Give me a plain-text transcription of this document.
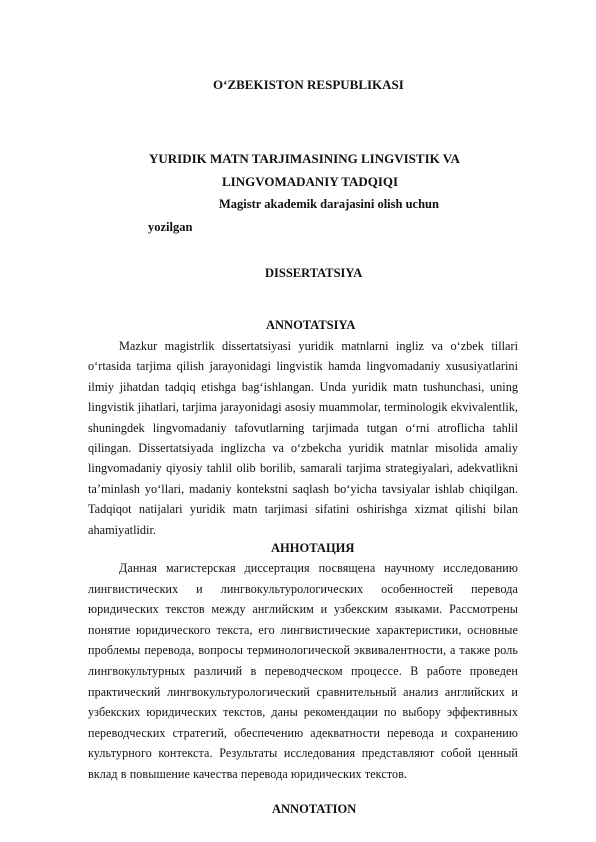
O‘ZBEKISTON RESPUBLIKASI
YURIDIK MATN TARJIMASINING LINGVISTIK VA
LINGVOMADANIY TADQIQI
Magistr akademik darajasini olish uchun
yozilgan
DISSERTATSIYA
ANNOTATSIYA

Mazkur magistrlik dissertatsiyasi yuridik matnlarni ingliz va o‘zbek tillari o‘rtasida tarjima qilish jarayonidagi lingvistik hamda lingvomadaniy xususiyatlarini ilmiy jihatdan tadqiq etishga bag‘ishlangan. Unda yuridik matn tushunchasi, uning lingvistik jihatlari, tarjima jarayonidagi asosiy muammolar, terminologik ekvivalentlik, shuningdek lingvomadaniy tafovutlarning tarjimada tutgan o‘rni atroflicha tahlil qilingan. Dissertatsiyada inglizcha va o‘zbekcha yuridik matnlar misolida amaliy lingvomadaniy qiyosiy tahlil olib borilib, samarali tarjima strategiyalari, adekvatlikni ta’minlash yo‘llari, madaniy kontekstni saqlash bo‘yicha tavsiyalar ishlab chiqilgan. Tadqiqot natijalari yuridik matn tarjimasi sifatini oshirishga xizmat qilishi bilan ahamiyatlidir.

АННОТАЦИЯ

Данная магистерская диссертация посвящена научному исследованию лингвистических и лингвокультурологических особенностей перевода юридических текстов между английским и узбекским языками. Рассмотрены понятие юридического текста, его лингвистические характеристики, основные проблемы перевода, вопросы терминологической эквивалентности, а также роль лингвокультурных различий в переводческом процессе. В работе проведен практический лингвокультурологический сравнительный анализ английских и узбекских юридических текстов, даны рекомендации по выбору эффективных переводческих стратегий, обеспечению адекватности перевода и сохранению культурного контекста. Результаты исследования представляют собой ценный вклад в повышение качества перевода юридических текстов.

ANNOTATION
